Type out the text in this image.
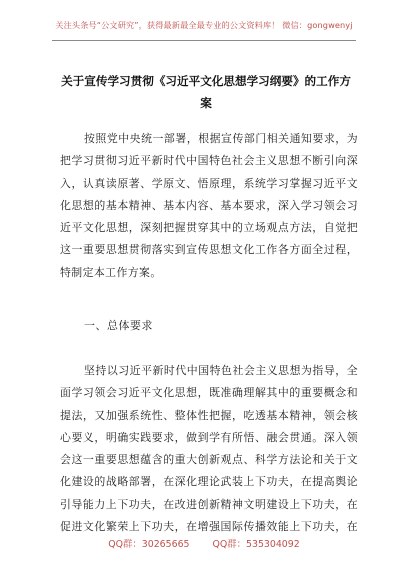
关注头条号“公文研究”，获得最新最全最专业的公文资料库！ 微信：gongwenyj
关于宣传学习贯彻《习近平文化思想学习纲要》的工作方案
按照党中央统一部署，根据宣传部门相关通知要求，为把学习贯彻习近平新时代中国特色社会主义思想不断引向深入，认真读原著、学原文、悟原理，系统学习掌握习近平文化思想的基本精神、基本内容、基本要求，深入学习领会习近平文化思想，深刻把握贯穿其中的立场观点方法，自觉把这一重要思想贯彻落实到宣传思想文化工作各方面全过程，特制定本工作方案。
一、总体要求
坚持以习近平新时代中国特色社会主义思想为指导，全面学习领会习近平文化思想，既准确理解其中的重要概念和提法，又加强系统性、整体性把握，吃透基本精神，领会核心要义，明确实践要求，做到学有所悟、融会贯通。深入领会这一重要思想蕴含的重大创新观点、科学方法论和关于文化建设的战略部署，在深化理论武装上下功夫，在提高舆论引导能力上下功夫，在改进创新精神文明建设上下功夫，在促进文化繁荣上下功夫，在增强国际传播效能上下功夫，在
QQ群：30265665 QQ群：535304092
